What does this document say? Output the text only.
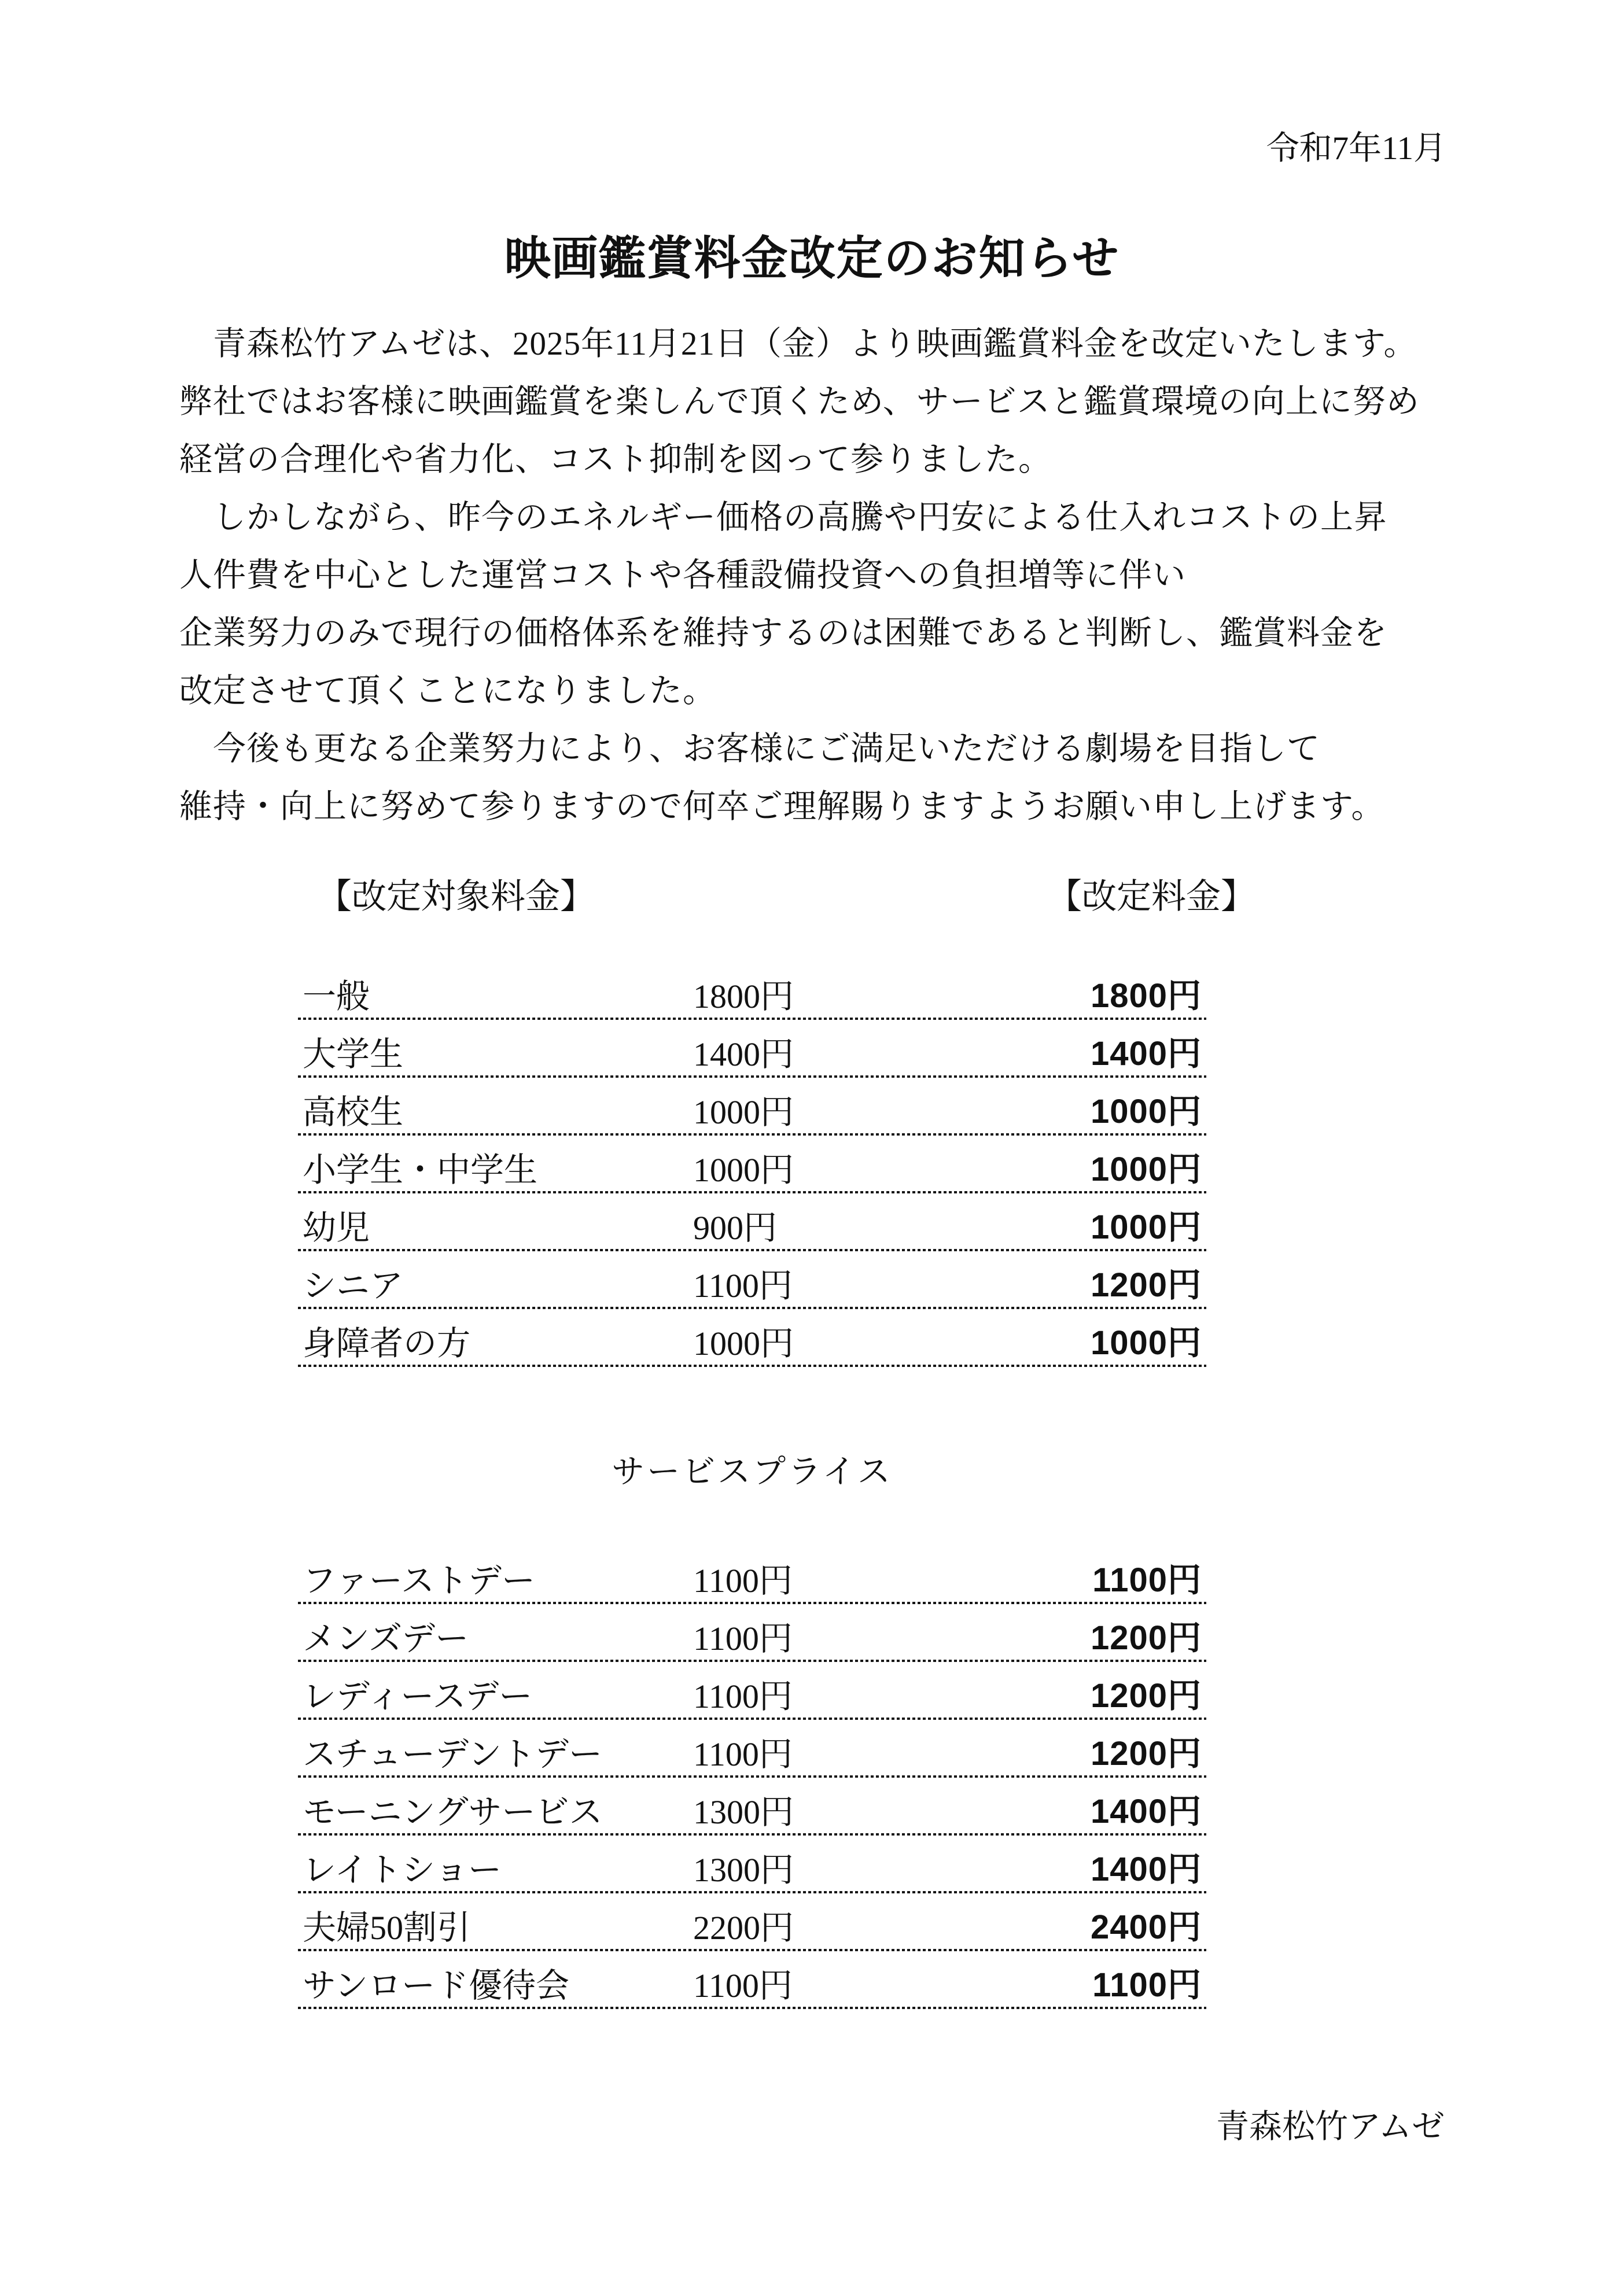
令和7年11月
映画鑑賞料金改定のお知らせ
　青森松竹アムゼは、2025年11月21日（金）より映画鑑賞料金を改定いたします。
弊社ではお客様に映画鑑賞を楽しんで頂くため、サービスと鑑賞環境の向上に努め
経営の合理化や省力化、コスト抑制を図って参りました。
　しかしながら、昨今のエネルギー価格の高騰や円安による仕入れコストの上昇
人件費を中心とした運営コストや各種設備投資への負担増等に伴い
企業努力のみで現行の価格体系を維持するのは困難であると判断し、鑑賞料金を
改定させて頂くことになりました。
　今後も更なる企業努力により、お客様にご満足いただける劇場を目指して
維持・向上に努めて参りますので何卒ご理解賜りますようお願い申し上げます。
【改定対象料金】	【改定料金】
一般	1800円	1800円
大学生	1400円	1400円
高校生	1000円	1000円
小学生・中学生	1000円	1000円
幼児	900円	1000円
シニア	1100円	1200円
身障者の方	1000円	1000円
サービスプライス
ファーストデー	1100円	1100円
メンズデー	1100円	1200円
レディースデー	1100円	1200円
スチューデントデー	1100円	1200円
モーニングサービス	1300円	1400円
レイトショー	1300円	1400円
夫婦50割引	2200円	2400円
サンロード優待会	1100円	1100円
青森松竹アムゼ
